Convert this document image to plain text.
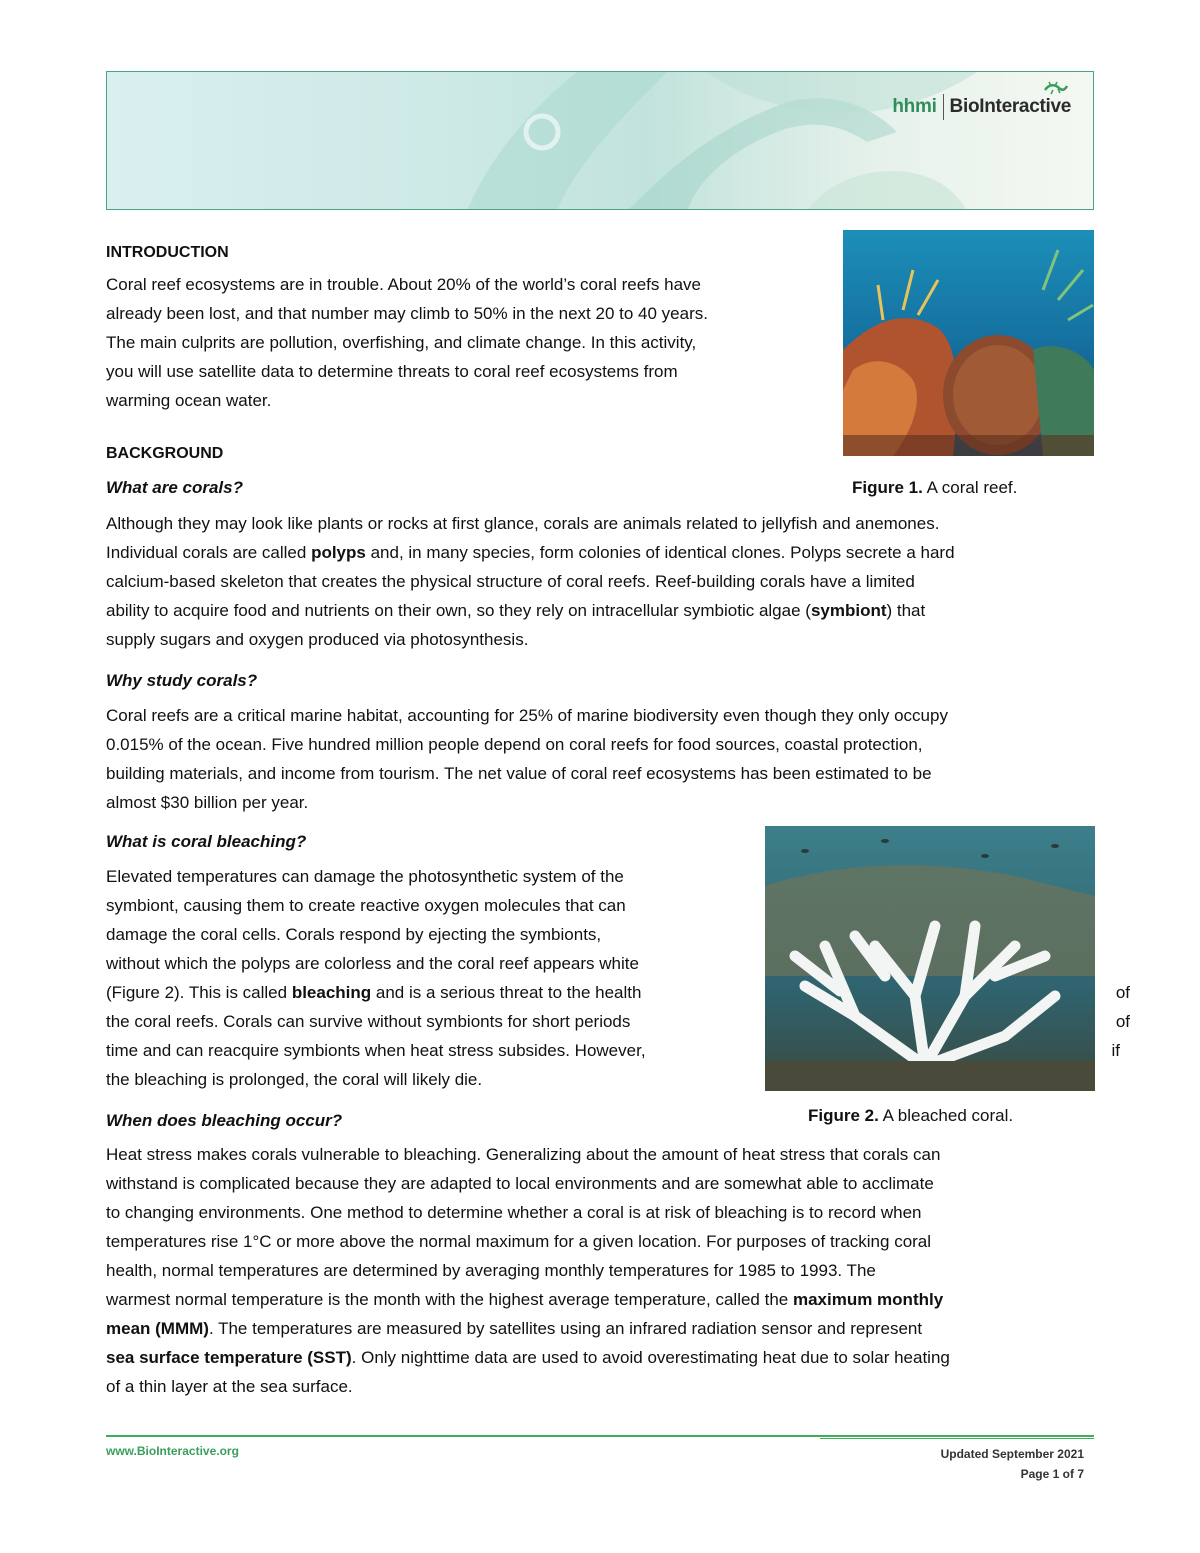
hhmi BioInteractive
Figure 1. A coral reef.
Figure 2. A bleached coral.
INTRODUCTION
Coral reef ecosystems are in trouble. About 20% of the world’s coral reefs have
already been lost, and that number may climb to 50% in the next 20 to 40 years.
The main culprits are pollution, overfishing, and climate change. In this activity,
you will use satellite data to determine threats to coral reef ecosystems from
warming ocean water.
BACKGROUND
What are corals?
Although they may look like plants or rocks at first glance, corals are animals related to jellyfish and anemones.
Individual corals are called polyps and, in many species, form colonies of identical clones. Polyps secrete a hard
calcium-based skeleton that creates the physical structure of coral reefs. Reef-building corals have a limited
ability to acquire food and nutrients on their own, so they rely on intracellular symbiotic algae (symbiont) that
supply sugars and oxygen produced via photosynthesis.
Why study corals?
Coral reefs are a critical marine habitat, accounting for 25% of marine biodiversity even though they only occupy
0.015% of the ocean. Five hundred million people depend on coral reefs for food sources, coastal protection,
building materials, and income from tourism. The net value of coral reef ecosystems has been estimated to be
almost $30 billion per year.
What is coral bleaching?
Elevated temperatures can damage the photosynthetic system of the
symbiont, causing them to create reactive oxygen molecules that can
damage the coral cells. Corals respond by ejecting the symbionts,
without which the polyps are colorless and the coral reef appears white
(Figure 2). This is called bleaching and is a serious threat to the health	of
the coral reefs. Corals can survive without symbionts for short periods	of
time and can reacquire symbionts when heat stress subsides. However,	if
the bleaching is prolonged, the coral will likely die.
When does bleaching occur?
Heat stress makes corals vulnerable to bleaching. Generalizing about the amount of heat stress that corals can
withstand is complicated because they are adapted to local environments and are somewhat able to acclimate
to changing environments. One method to determine whether a coral is at risk of bleaching is to record when
temperatures rise 1°C or more above the normal maximum for a given location. For purposes of tracking coral
health, normal temperatures are determined by averaging monthly temperatures for 1985 to 1993. The
warmest normal temperature is the month with the highest average temperature, called the maximum monthly
mean (MMM). The temperatures are measured by satellites using an infrared radiation sensor and represent
sea surface temperature (SST). Only nighttime data are used to avoid overestimating heat due to solar heating
of a thin layer at the sea surface.
www.BioInteractive.org	Updated September 2021
Page 1 of 7
